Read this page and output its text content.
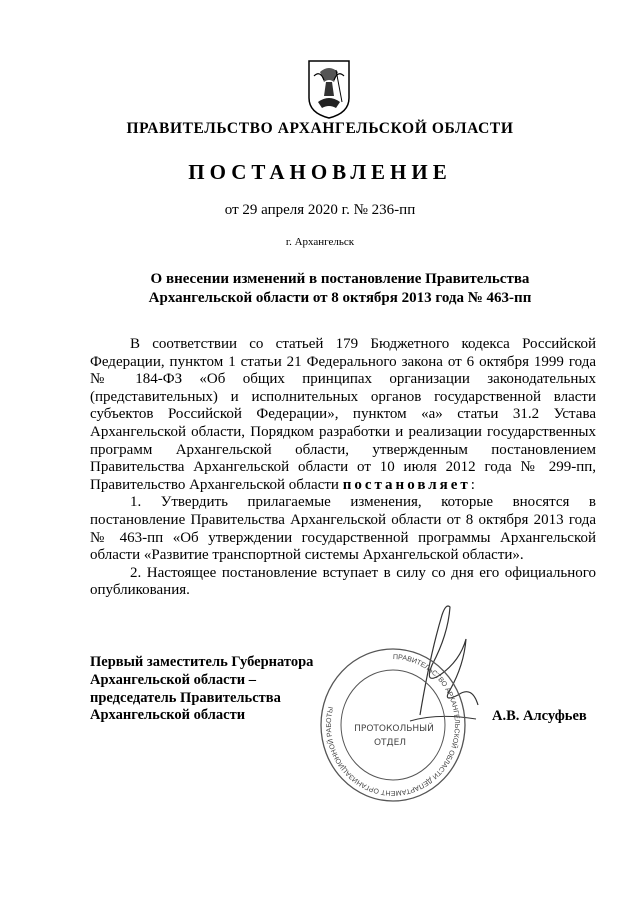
ПРАВИТЕЛЬСТВО АРХАНГЕЛЬСКОЙ ОБЛАСТИ
ПОСТАНОВЛЕНИЕ
от 29 апреля 2020 г. № 236-пп
г. Архангельск
О внесении изменений в постановление Правительства
Архангельской области от 8 октября 2013 года № 463-пп

В соответствии со статьей 179 Бюджетного кодекса Российской Федерации, пунктом 1 статьи 21 Федерального закона от 6 октября 1999 года № 184-ФЗ «Об общих принципах организации законодательных (представительных) и исполнительных органов государственной власти субъектов Российской Федерации», пунктом «а» статьи 31.2 Устава Архангельской области, Порядком разработки и реализации государственных программ Архангельской области, утвержденным постановлением Правительства Архангельской области от 10 июля 2012 года № 299-пп, Правительство Архангельской области постановляет:

1. Утвердить прилагаемые изменения, которые вносятся в постановление Правительства Архангельской области от 8 октября 2013 года № 463-пп «Об утверждении государственной программы Архангельской области «Развитие транспортной системы Архангельской области».

2. Настоящее постановление вступает в силу со дня его официального опубликования.

ПРАВИТЕЛЬСТВО АРХАНГЕЛЬСКОЙ ОБЛАСТИ ДЕПАРТАМЕНТ ОРГАНИЗАЦИОННОЙ РАБОТЫ
ПРОТОКОЛЬНЫЙ
ОТДЕЛ
Первый заместитель Губернатора
Архангельской области –
председатель Правительства
Архангельской области	А.В. Алсуфьев
